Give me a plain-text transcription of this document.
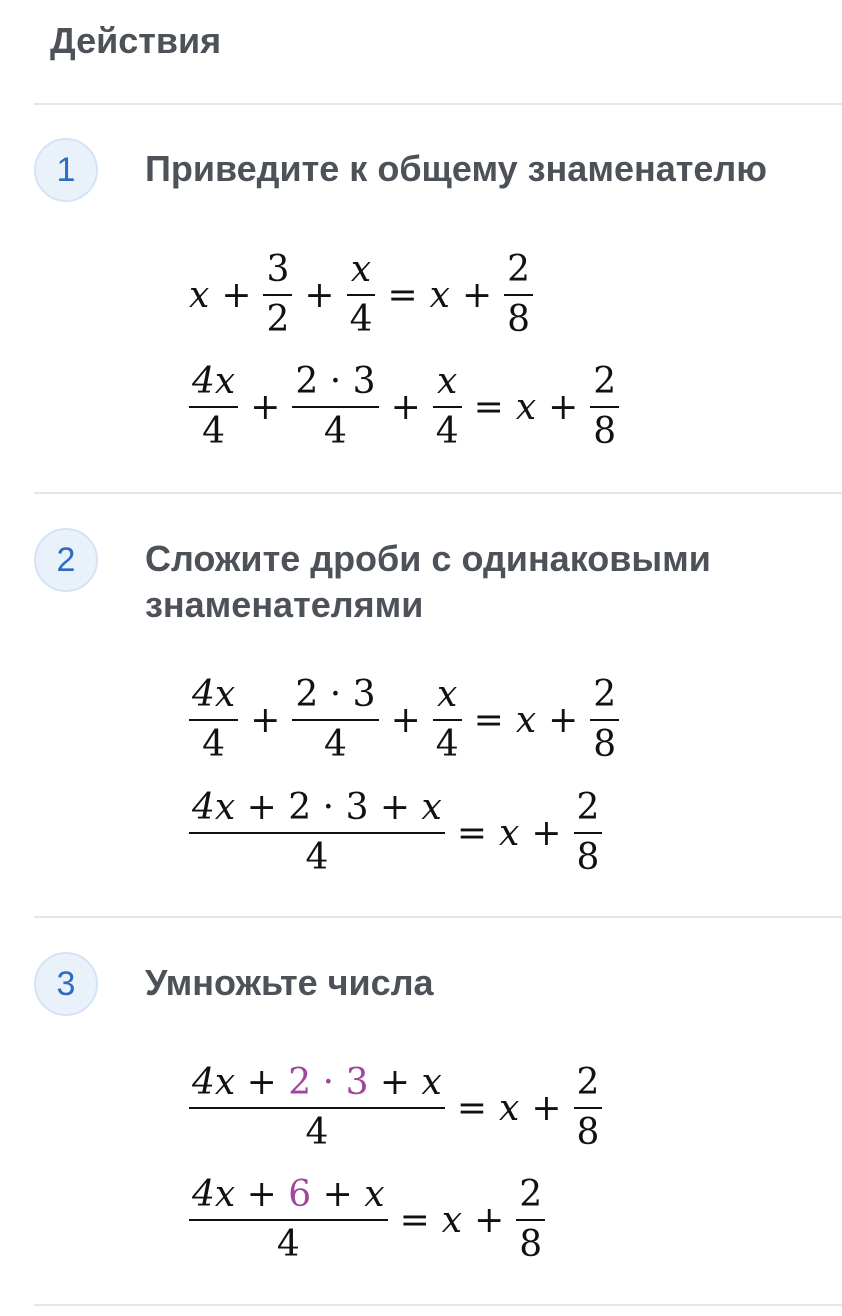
Действия
1	Приведите к общему знаменателю
$x + \frac{3}{2} + \frac{x}{4} = x + \frac{2}{8}$
$\frac{4x}{4} + \frac{2 \cdot 3}{4} + \frac{x}{4} = x + \frac{2}{8}$
2	Сложите дроби с одинаковыми знаменателями
$\frac{4x}{4} + \frac{2 \cdot 3}{4} + \frac{x}{4} = x + \frac{2}{8}$
$\frac{4x + 2 \cdot 3 + x}{4} = x + \frac{2}{8}$
3	Умножьте числа
$\frac{4x + 2 \cdot 3 + x}{4} = x + \frac{2}{8}$
$\frac{4x + 6 + x}{4} = x + \frac{2}{8}$
